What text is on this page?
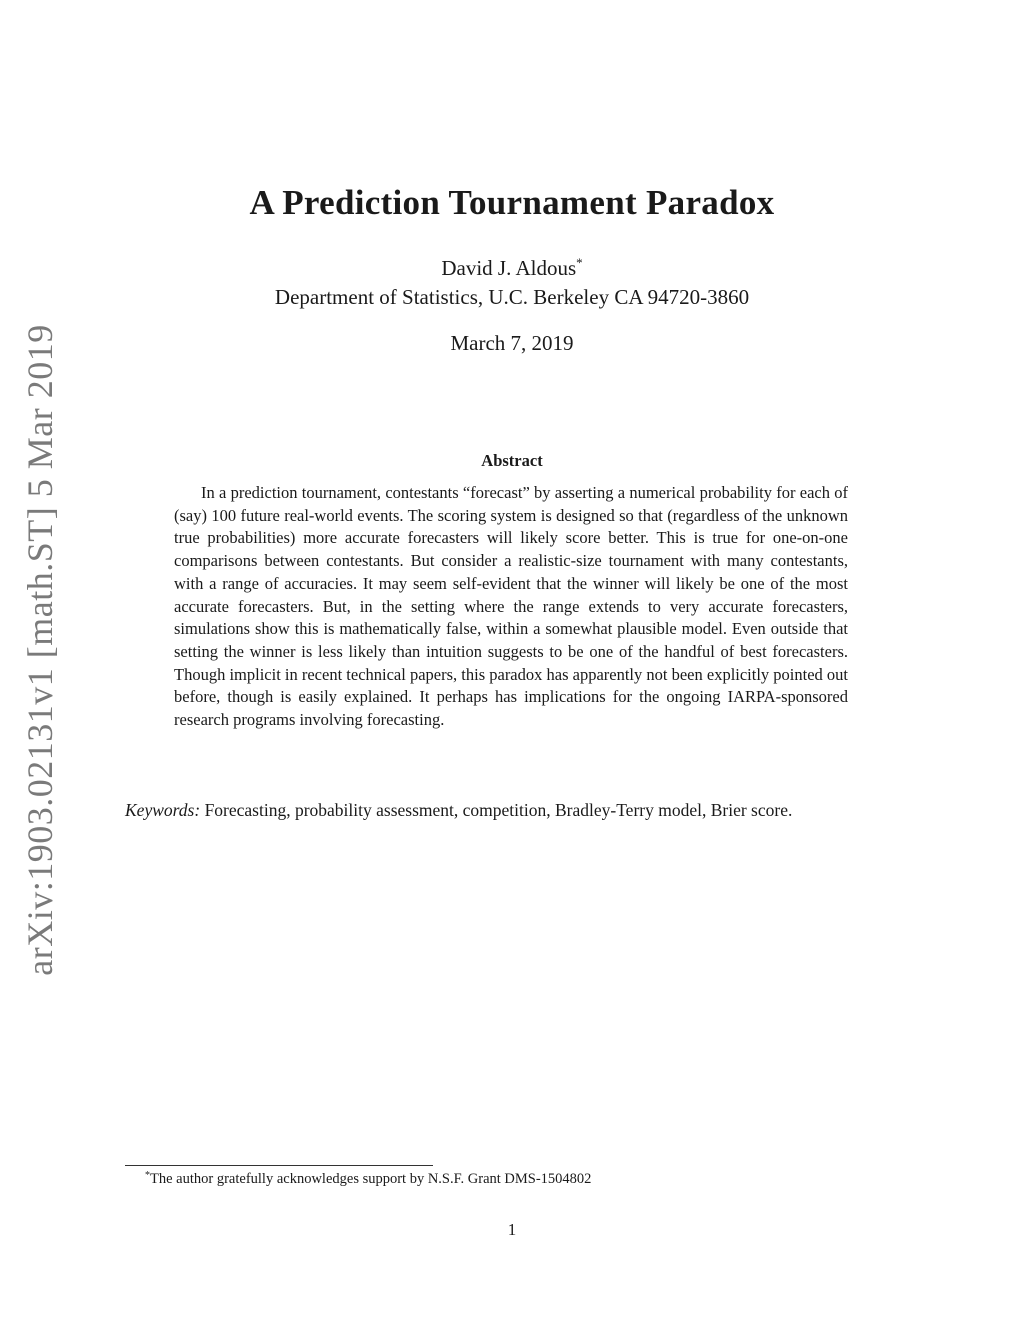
arXiv:1903.02131v1 [math.ST] 5 Mar 2019
A Prediction Tournament Paradox
David J. Aldous*
Department of Statistics, U.C. Berkeley CA 94720-3860
March 7, 2019
Abstract
In a prediction tournament, contestants “forecast” by asserting a numerical probability for each of (say) 100 future real-world events. The scoring system is designed so that (regardless of the unknown true probabilities) more accurate forecasters will likely score better. This is true for one-on-one comparisons between contestants. But consider a realistic-size tournament with many contestants, with a range of accuracies. It may seem self-evident that the winner will likely be one of the most accurate forecasters. But, in the setting where the range extends to very accurate forecasters, simulations show this is mathematically false, within a somewhat plausible model. Even outside that setting the winner is less likely than intuition suggests to be one of the handful of best forecasters. Though implicit in recent technical papers, this paradox has apparently not been explicitly pointed out before, though is easily explained. It perhaps has implications for the ongoing IARPA-sponsored research programs involving forecasting.
Keywords: Forecasting, probability assessment, competition, Bradley-Terry model, Brier score.
*The author gratefully acknowledges support by N.S.F. Grant DMS-1504802
1
